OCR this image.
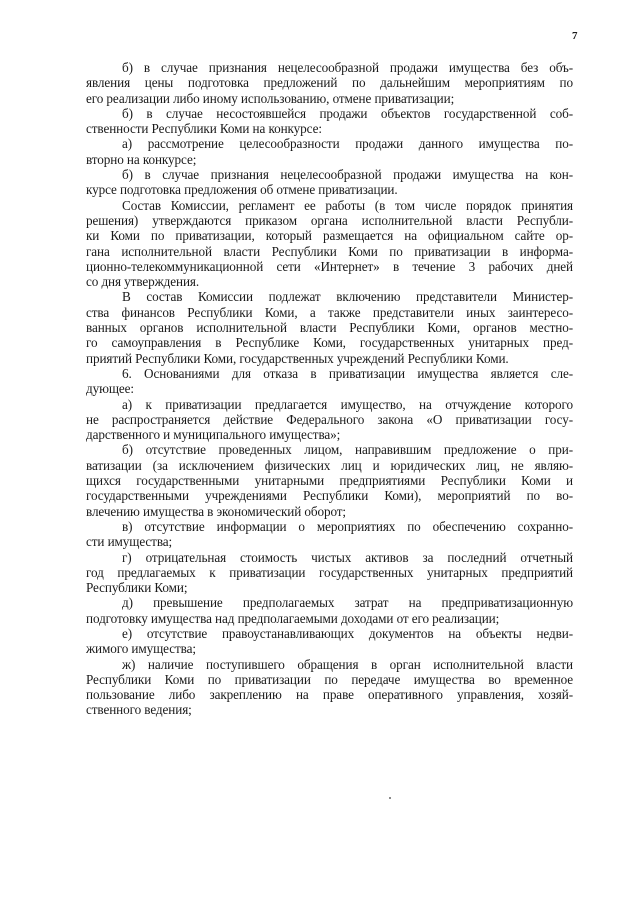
7
б) в случае признания нецелесообразной продажи имущества без объ-
явления цены подготовка предложений по дальнейшим мероприятиям по
его реализации либо иному использованию, отмене приватизации;
б) в случае несостоявшейся продажи объектов государственной соб-
ственности Республики Коми на конкурсе:
а) рассмотрение целесообразности продажи данного имущества по-
вторно на конкурсе;
б) в случае признания нецелесообразной продажи имущества на кон-
курсе подготовка предложения об отмене приватизации.
Состав Комиссии, регламент ее работы (в том числе порядок принятия
решения) утверждаются приказом органа исполнительной власти Республи-
ки Коми по приватизации, который размещается на официальном сайте ор-
гана исполнительной власти Республики Коми по приватизации в информа-
ционно-телекоммуникационной сети «Интернет» в течение 3 рабочих дней
со дня утверждения.
В состав Комиссии подлежат включению представители Министер-
ства финансов Республики Коми, а также представители иных заинтересо-
ванных органов исполнительной власти Республики Коми, органов местно-
го самоуправления в Республике Коми, государственных унитарных пред-
приятий Республики Коми, государственных учреждений Республики Коми.
6. Основаниями для отказа в приватизации имущества является сле-
дующее:
а) к приватизации предлагается имущество, на отчуждение которого
не распространяется действие Федерального закона «О приватизации госу-
дарственного и муниципального имущества»;
б) отсутствие проведенных лицом, направившим предложение о при-
ватизации (за исключением физических лиц и юридических лиц, не являю-
щихся государственными унитарными предприятиями Республики Коми и
государственными учреждениями Республики Коми), мероприятий по во-
влечению имущества в экономический оборот;
в) отсутствие информации о мероприятиях по обеспечению сохранно-
сти имущества;
г) отрицательная стоимость чистых активов за последний отчетный
год предлагаемых к приватизации государственных унитарных предприятий
Республики Коми;
д) превышение предполагаемых затрат на предприватизационную
подготовку имущества над предполагаемыми доходами от его реализации;
е) отсутствие правоустанавливающих документов на объекты недви-
жимого имущества;
ж) наличие поступившего обращения в орган исполнительной власти
Республики Коми по приватизации по передаче имущества во временное
пользование либо закреплению на праве оперативного управления, хозяй-
ственного ведения;
